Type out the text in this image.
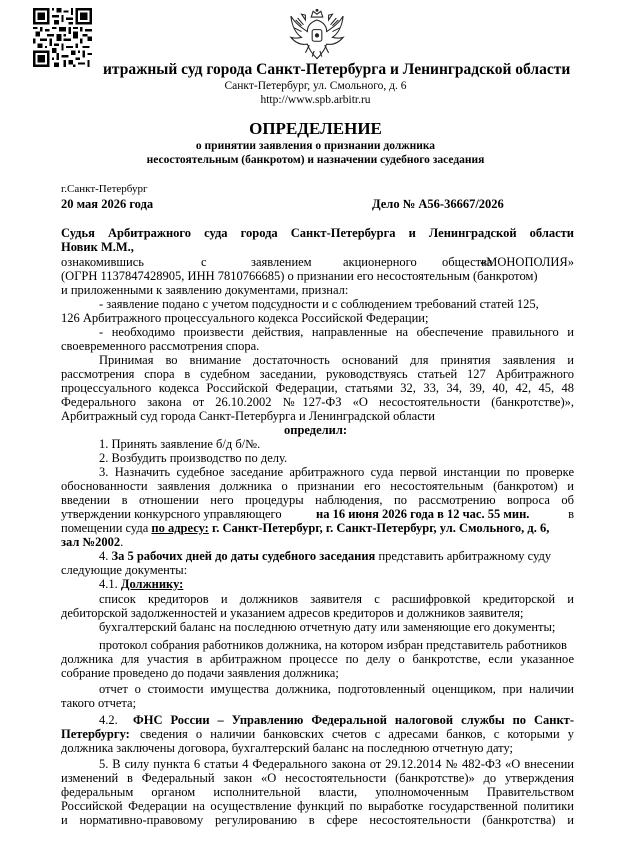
итражный суд города Санкт-Петербурга и Ленинградской области
Санкт-Петербург, ул. Смольного, д. 6
http://www.spb.arbitr.ru
ОПРЕДЕЛЕНИЕ
о принятии заявления о признании должника
несостоятельным (банкротом) и назначении судебного заседания
г.Санкт-Петербург
20 мая 2026 года	Дело № А56-36667/2026
Судья Арбитражного суда города Санкт-Петербурга и Ленинградской области
Новик М.М.,
ознакомившись	с	заявлением	акционерного общества
«МОНОПОЛИЯ»
(ОГРН 1137847428905, ИНН 7810766685) о признании его несостоятельным (банкротом)
и приложенными к заявлению документами, признал:
- заявление подано с учетом подсудности и с соблюдением требований статей 125,
126 Арбитражного процессуального кодекса Российской Федерации;
- необходимо произвести действия, направленные на обеспечение правильного и
своевременного рассмотрения спора.
Принимая во внимание достаточность оснований для принятия заявления и
рассмотрения спора в судебном заседании, руководствуясь статьей 127 Арбитражного
процессуального кодекса Российской Федерации, статьями 32, 33, 34, 39, 40, 42, 45, 48
Федерального закона от 26.10.2002 №127-ФЗ «О несостоятельности (банкротстве)»,
Арбитражный суд города Санкт-Петербурга и Ленинградской области
определил:
1. Принять заявление б/д б/№.
2. Возбудить производство по делу.
3. Назначить судебное заседание арбитражного суда первой инстанции по проверке
обоснованности заявления должника о признании его несостоятельным (банкротом) и
введении в отношении него процедуры наблюдения, по рассмотрению вопроса об
утверждении конкурсного управляющего	на 16 июня 2026 года в 12 час. 55 мин.	в
помещении суда по адресу: г. Санкт-Петербург, г. Санкт-Петербург, ул. Смольного, д. 6,
зал №2002.
4. За 5 рабочих дней до даты судебного заседания представить арбитражному суду
следующие документы:
4.1. Должнику:
список кредиторов и должников заявителя с расшифровкой кредиторской и
дебиторской задолженностей и указанием адресов кредиторов и должников заявителя;
бухгалтерский баланс на последнюю отчетную дату или заменяющие его документы;
протокол собрания работников должника, на котором избран представитель работников
должника для участия в арбитражном процессе по делу о банкротстве, если указанное
собрание проведено до подачи заявления должника;
отчет о стоимости имущества должника, подготовленный оценщиком, при наличии
такого отчета;
4.2. ФНС России – Управлению Федеральной налоговой службы по Санкт-
Петербургу: сведения о наличии банковских счетов с адресами банков, с которыми у
должника заключены договора, бухгалтерский баланс на последнюю отчетную дату;
5. В силу пункта 6 статьи 4 Федерального закона от 29.12.2014 № 482-ФЗ «О внесении
изменений в Федеральный закон «О несостоятельности (банкротстве)» до утверждения
федеральным органом исполнительной власти, уполномоченным Правительством
Российской Федерации на осуществление функций по выработке государственной политики
и нормативно-правовому регулированию в сфере несостоятельности (банкротства) и
